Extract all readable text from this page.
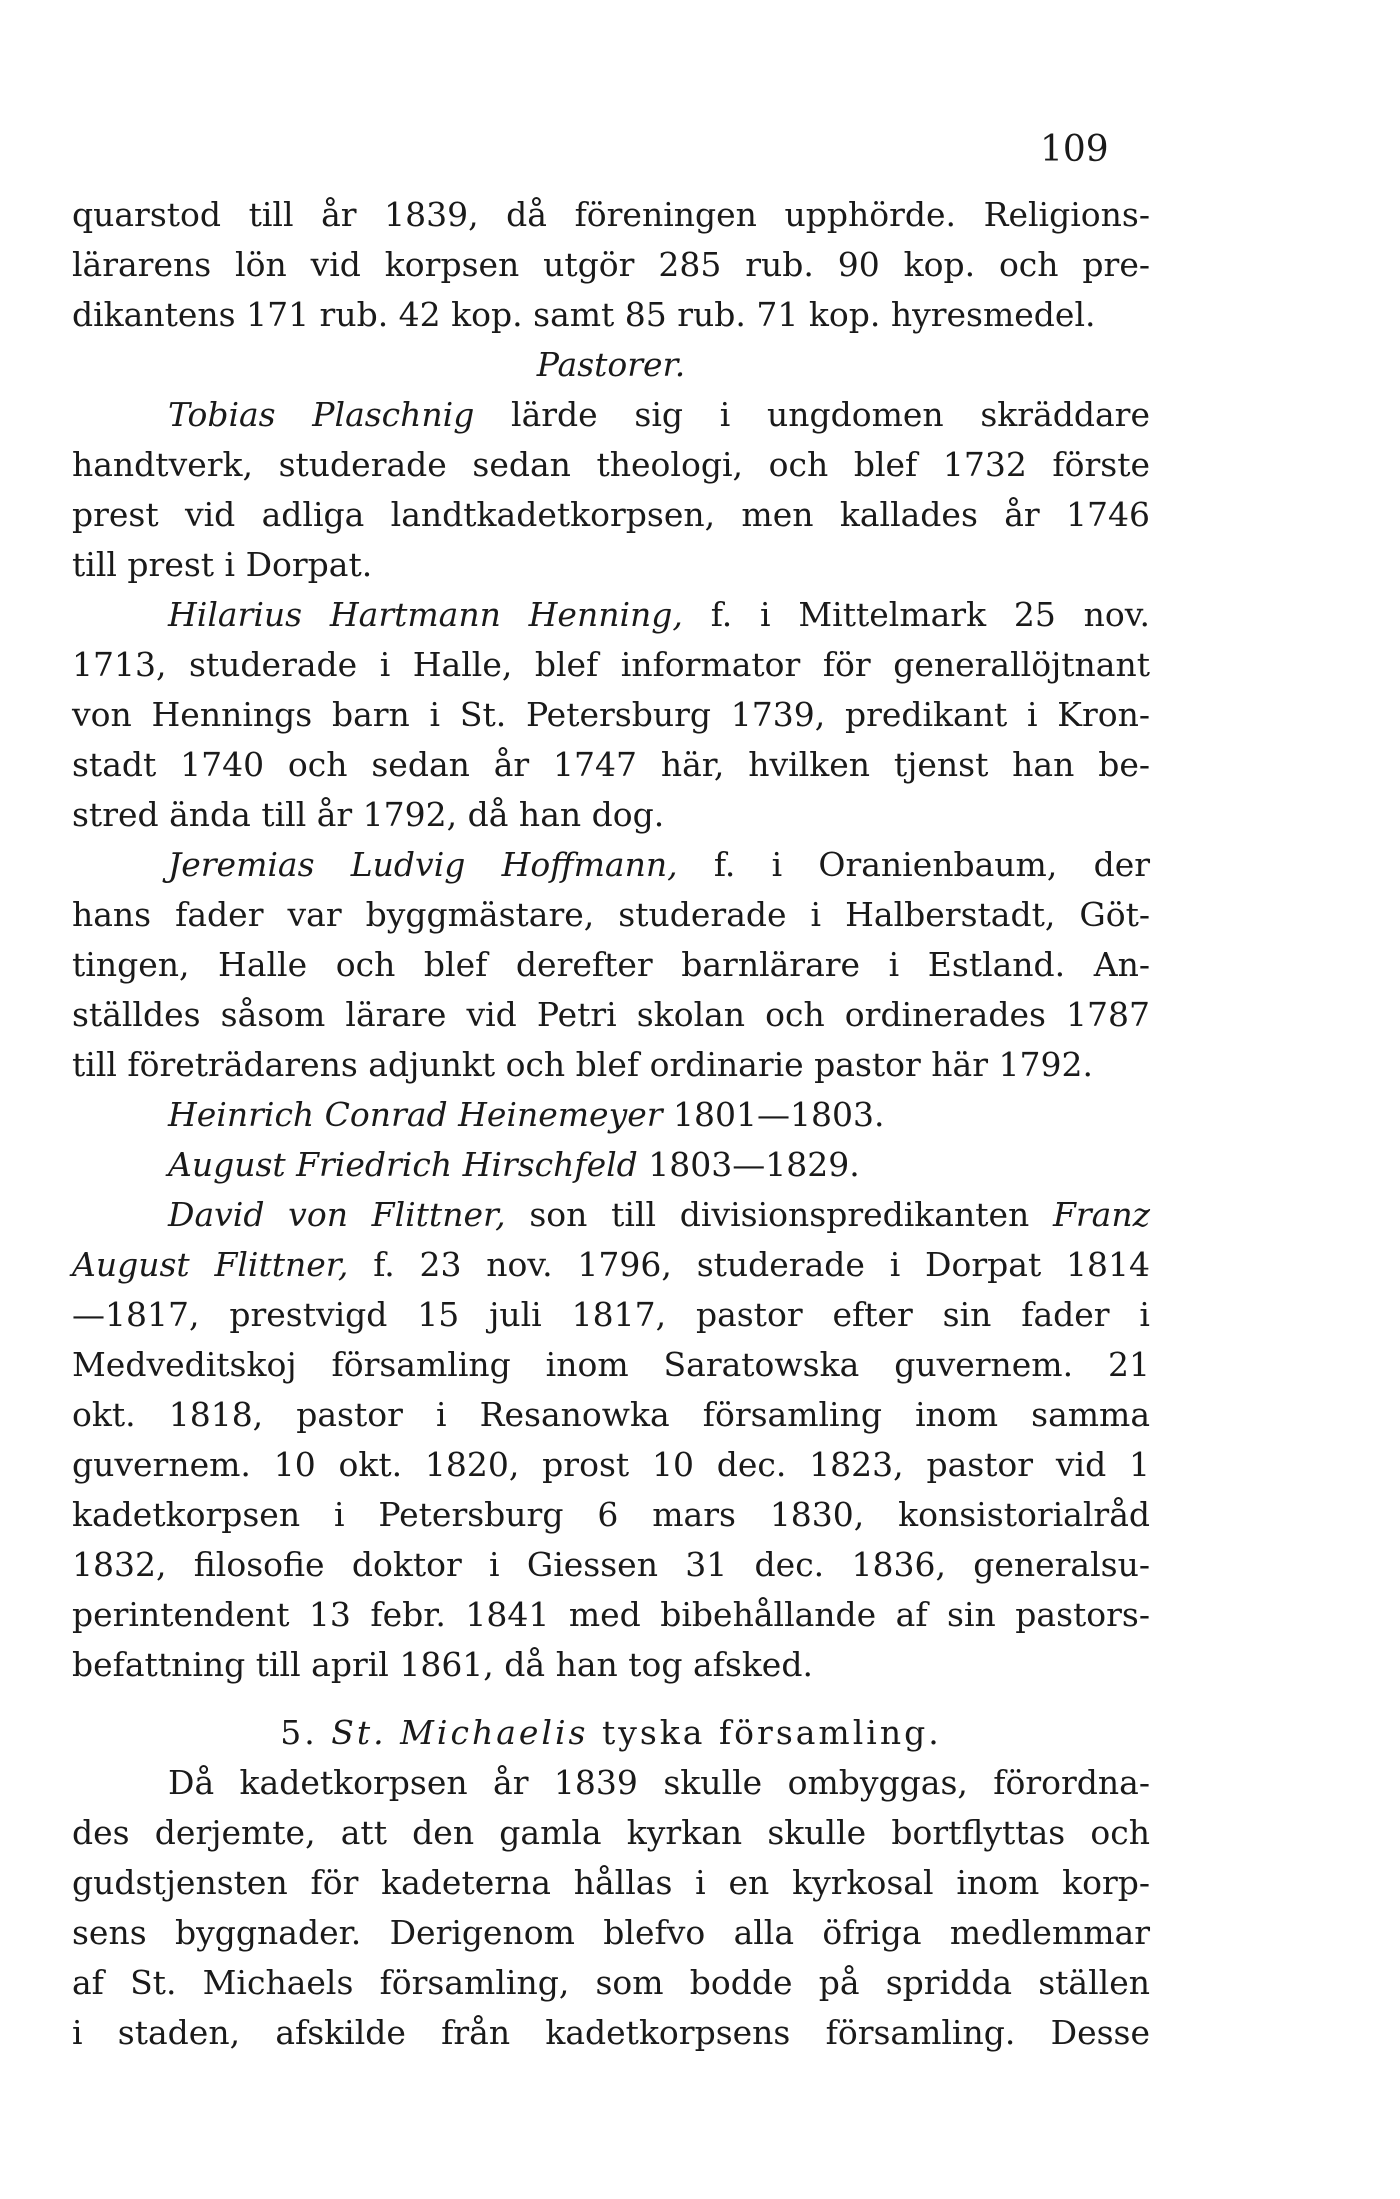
109
quarstod till år 1839, då föreningen upphörde. Religions-
lärarens lön vid korpsen utgör 285 rub. 90 kop. och pre-
dikantens 171 rub. 42 kop. samt 85 rub. 71 kop. hyresmedel.
Pastorer.
Tobias Plaschnig lärde sig i ungdomen skräddare
handtverk, studerade sedan theologi, och blef 1732 förste
prest vid adliga landtkadetkorpsen, men kallades år 1746
till prest i Dorpat.
Hilarius Hartmann Henning, f. i Mittelmark 25 nov.
1713, studerade i Halle, blef informator för generallöjtnant
von Hennings barn i St. Petersburg 1739, predikant i Kron-
stadt 1740 och sedan år 1747 här, hvilken tjenst han be-
stred ända till år 1792, då han dog.
Jeremias Ludvig Hoffmann, f. i Oranienbaum, der
hans fader var byggmästare, studerade i Halberstadt, Göt-
tingen, Halle och blef derefter barnlärare i Estland. An-
ställdes såsom lärare vid Petri skolan och ordinerades 1787
till företrädarens adjunkt och blef ordinarie pastor här 1792.
Heinrich Conrad Heinemeyer 1801—1803.
August Friedrich Hirschfeld 1803—1829.
David von Flittner, son till divisionspredikanten Franz
August Flittner, f. 23 nov. 1796, studerade i Dorpat 1814
—1817, prestvigd 15 juli 1817, pastor efter sin fader i
Medveditskoj församling inom Saratowska guvernem. 21
okt. 1818, pastor i Resanowka församling inom samma
guvernem. 10 okt. 1820, prost 10 dec. 1823, pastor vid 1
kadetkorpsen i Petersburg 6 mars 1830, konsistorialråd
1832, filosofie doktor i Giessen 31 dec. 1836, generalsu-
perintendent 13 febr. 1841 med bibehållande af sin pastors-
befattning till april 1861, då han tog afsked.
5. St. Michaelis tyska församling.
Då kadetkorpsen år 1839 skulle ombyggas, förordna-
des derjemte, att den gamla kyrkan skulle bortflyttas och
gudstjensten för kadeterna hållas i en kyrkosal inom korp-
sens byggnader. Derigenom blefvo alla öfriga medlemmar
af St. Michaels församling, som bodde på spridda ställen
i staden, afskilde från kadetkorpsens församling. Desse
